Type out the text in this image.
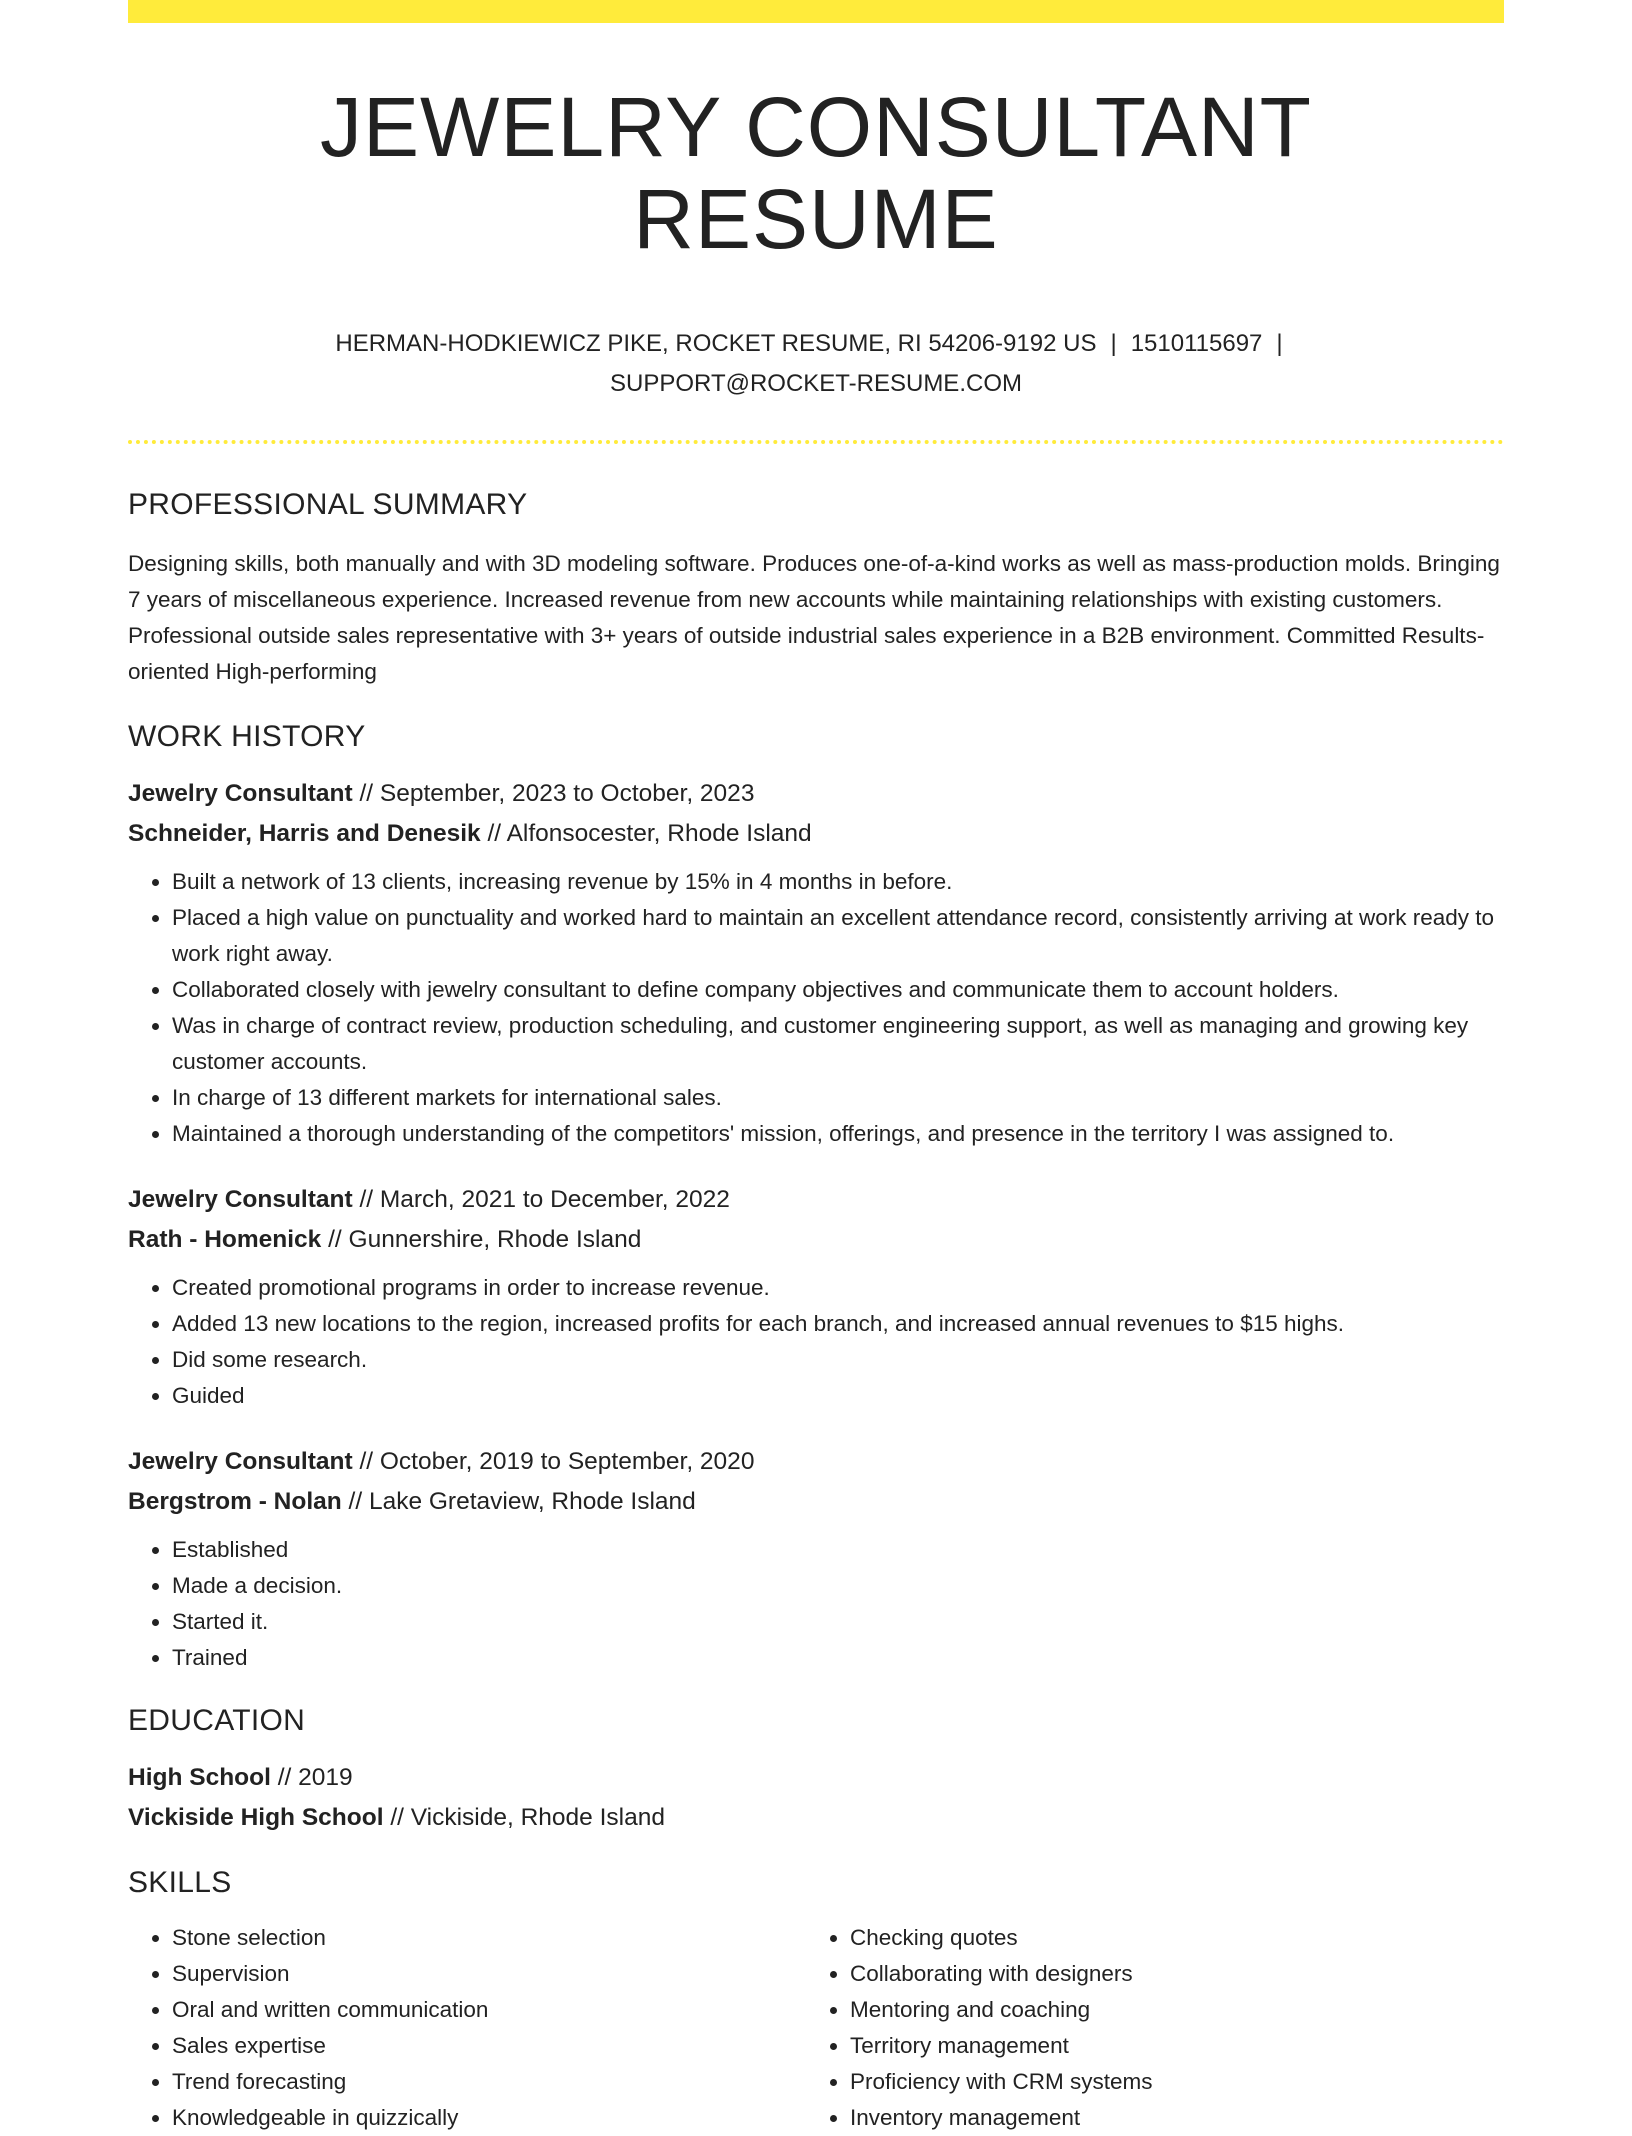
JEWELRY CONSULTANT RESUME
HERMAN-HODKIEWICZ PIKE, ROCKET RESUME, RI 54206-9192 US | 1510115697 |
SUPPORT@ROCKET-RESUME.COM
PROFESSIONAL SUMMARY
Designing skills, both manually and with 3D modeling software. Produces one-of-a-kind works as well as mass-production molds. Bringing 7 years of miscellaneous experience. Increased revenue from new accounts while maintaining relationships with existing customers. Professional outside sales representative with 3+ years of outside industrial sales experience in a B2B environment. Committed Results-oriented High-performing
WORK HISTORY
Jewelry Consultant // September, 2023 to October, 2023
Schneider, Harris and Denesik // Alfonsocester, Rhode Island
• Built a network of 13 clients, increasing revenue by 15% in 4 months in before.
• Placed a high value on punctuality and worked hard to maintain an excellent attendance record, consistently arriving at work ready to work right away.
• Collaborated closely with jewelry consultant to define company objectives and communicate them to account holders.
• Was in charge of contract review, production scheduling, and customer engineering support, as well as managing and growing key customer accounts.
• In charge of 13 different markets for international sales.
• Maintained a thorough understanding of the competitors' mission, offerings, and presence in the territory I was assigned to.
Jewelry Consultant // March, 2021 to December, 2022
Rath - Homenick // Gunnershire, Rhode Island
• Created promotional programs in order to increase revenue.
• Added 13 new locations to the region, increased profits for each branch, and increased annual revenues to $15 highs.
• Did some research.
• Guided
Jewelry Consultant // October, 2019 to September, 2020
Bergstrom - Nolan // Lake Gretaview, Rhode Island
• Established
• Made a decision.
• Started it.
• Trained
EDUCATION
High School // 2019
Vickiside High School // Vickiside, Rhode Island
SKILLS
• Stone selection
• Supervision
• Oral and written communication
• Sales expertise
• Trend forecasting
• Knowledgeable in quizzically
• Checking quotes
• Collaborating with designers
• Mentoring and coaching
• Territory management
• Proficiency with CRM systems
• Inventory management
